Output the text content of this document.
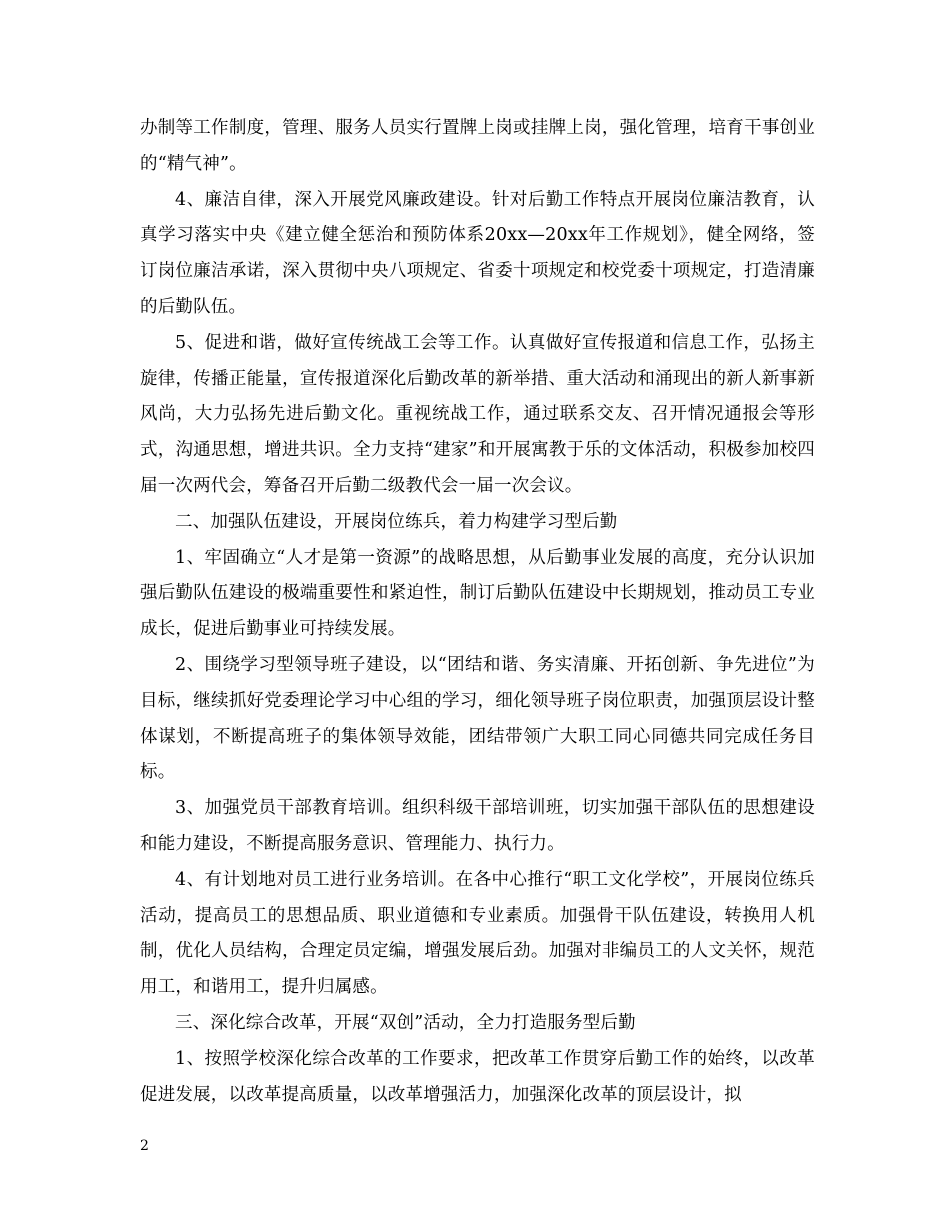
办制等工作制度，管理、服务人员实行置牌上岗或挂牌上岗，强化管理，培育干事创业的“精气神”。

4、廉洁自律，深入开展党风廉政建设。针对后勤工作特点开展岗位廉洁教育，认真学习落实中央《建立健全惩治和预防体系20xx—20xx年工作规划》，健全网络，签订岗位廉洁承诺，深入贯彻中央八项规定、省委十项规定和校党委十项规定，打造清廉的后勤队伍。

5、促进和谐，做好宣传统战工会等工作。认真做好宣传报道和信息工作，弘扬主旋律，传播正能量，宣传报道深化后勤改革的新举措、重大活动和涌现出的新人新事新风尚，大力弘扬先进后勤文化。重视统战工作，通过联系交友、召开情况通报会等形式，沟通思想，增进共识。全力支持“建家”和开展寓教于乐的文体活动，积极参加校四届一次两代会，筹备召开后勤二级教代会一届一次会议。

二、加强队伍建设，开展岗位练兵，着力构建学习型后勤

1、牢固确立“人才是第一资源”的战略思想，从后勤事业发展的高度，充分认识加强后勤队伍建设的极端重要性和紧迫性，制订后勤队伍建设中长期规划，推动员工专业成长，促进后勤事业可持续发展。

2、围绕学习型领导班子建设，以“团结和谐、务实清廉、开拓创新、争先进位”为目标，继续抓好党委理论学习中心组的学习，细化领导班子岗位职责，加强顶层设计整体谋划，不断提高班子的集体领导效能，团结带领广大职工同心同德共同完成任务目标。

3、加强党员干部教育培训。组织科级干部培训班，切实加强干部队伍的思想建设和能力建设，不断提高服务意识、管理能力、执行力。

4、有计划地对员工进行业务培训。在各中心推行“职工文化学校”，开展岗位练兵活动，提高员工的思想品质、职业道德和专业素质。加强骨干队伍建设，转换用人机制，优化人员结构，合理定员定编，增强发展后劲。加强对非编员工的人文关怀，规范用工，和谐用工，提升归属感。

三、深化综合改革，开展“双创”活动，全力打造服务型后勤

1、按照学校深化综合改革的工作要求，把改革工作贯穿后勤工作的始终，以改革促进发展，以改革提高质量，以改革增强活力，加强深化改革的顶层设计，拟

2
